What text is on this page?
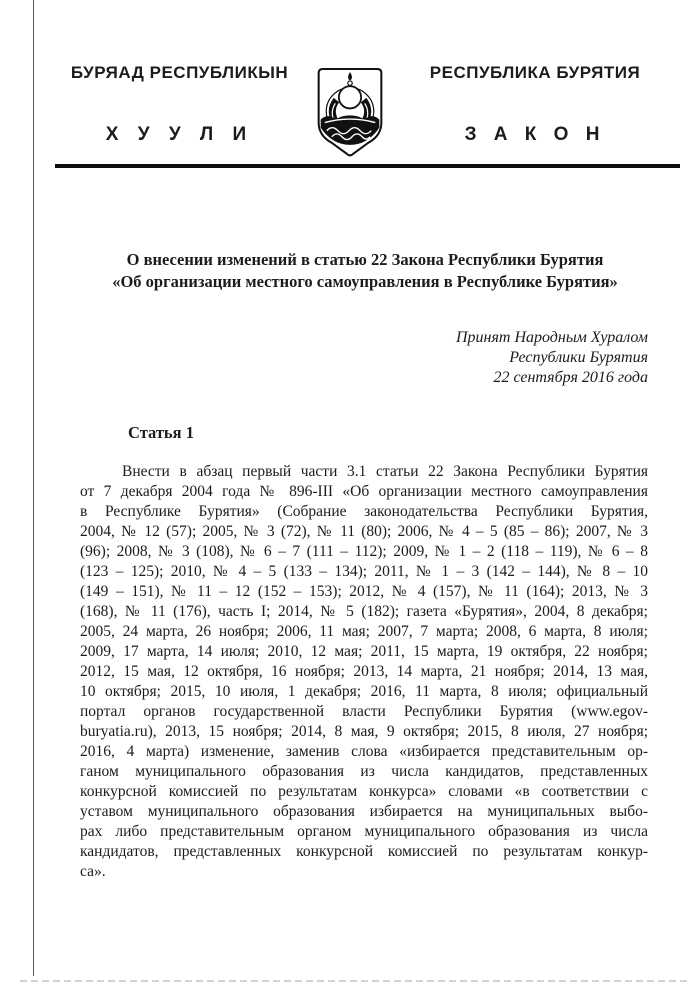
БУРЯАД РЕСПУБЛИКЫН
Х У У Л И
РЕСПУБЛИКА БУРЯТИЯ
З А К О Н
О внесении изменений в статью 22 Закона Республики Бурятия
«Об организации местного самоуправления в Республике Бурятия»
Принят Народным Хуралом
Республики Бурятия
22 сентября 2016 года
Статья 1
Внести в абзац первый части 3.1 статьи 22 Закона Республики Бурятия
от 7 декабря 2004 года № 896-III «Об организации местного самоуправления
в Республике Бурятия» (Собрание законодательства Республики Бурятия,
2004, № 12 (57); 2005, № 3 (72), № 11 (80); 2006, № 4 – 5 (85 – 86); 2007, № 3
(96); 2008, № 3 (108), № 6 – 7 (111 – 112); 2009, № 1 – 2 (118 – 119), № 6 – 8
(123 – 125); 2010, № 4 – 5 (133 – 134); 2011, № 1 – 3 (142 – 144), № 8 – 10
(149 – 151), № 11 – 12 (152 – 153); 2012, № 4 (157), № 11 (164); 2013, № 3
(168), № 11 (176), часть I; 2014, № 5 (182); газета «Бурятия», 2004, 8 декабря;
2005, 24 марта, 26 ноября; 2006, 11 мая; 2007, 7 марта; 2008, 6 марта, 8 июля;
2009, 17 марта, 14 июля; 2010, 12 мая; 2011, 15 марта, 19 октября, 22 ноября;
2012, 15 мая, 12 октября, 16 ноября; 2013, 14 марта, 21 ноября; 2014, 13 мая,
10 октября; 2015, 10 июля, 1 декабря; 2016, 11 марта, 8 июля; официальный
портал органов государственной власти Республики Бурятия (www.egov-
buryatia.ru), 2013, 15 ноября; 2014, 8 мая, 9 октября; 2015, 8 июля, 27 ноября;
2016, 4 марта) изменение, заменив слова «избирается представительным ор-
ганом муниципального образования из числа кандидатов, представленных
конкурсной комиссией по результатам конкурса» словами «в соответствии с
уставом муниципального образования избирается на муниципальных выбо-
рах либо представительным органом муниципального образования из числа
кандидатов, представленных конкурсной комиссией по результатам конкур-
са».
